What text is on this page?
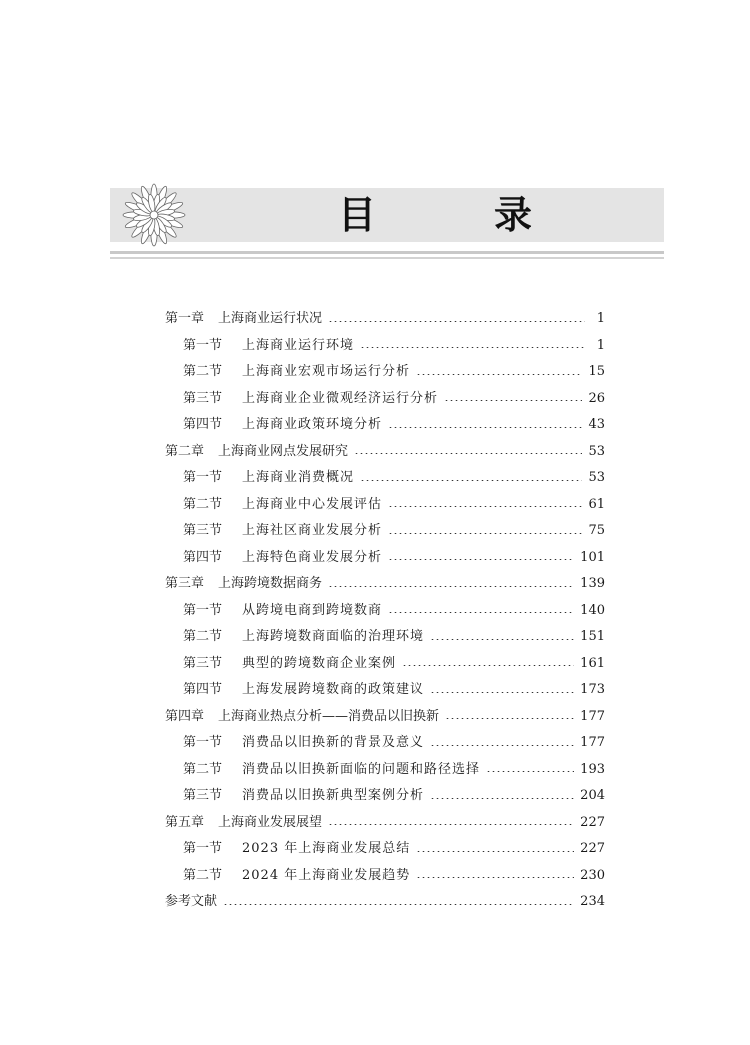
目　录
第一章 上海商业运行状况	1
第一节 上海商业运行环境	1
第二节 上海商业宏观市场运行分析	15
第三节 上海商业企业微观经济运行分析	26
第四节 上海商业政策环境分析	43
第二章 上海商业网点发展研究	53
第一节 上海商业消费概况	53
第二节 上海商业中心发展评估	61
第三节 上海社区商业发展分析	75
第四节 上海特色商业发展分析	101
第三章 上海跨境数据商务	139
第一节 从跨境电商到跨境数商	140
第二节 上海跨境数商面临的治理环境	151
第三节 典型的跨境数商企业案例	161
第四节 上海发展跨境数商的政策建议	173
第四章 上海商业热点分析——消费品以旧换新	177
第一节 消费品以旧换新的背景及意义	177
第二节 消费品以旧换新面临的问题和路径选择	193
第三节 消费品以旧换新典型案例分析	204
第五章 上海商业发展展望	227
第一节 2023 年上海商业发展总结	227
第二节 2024 年上海商业发展趋势	230
参考文献	234
